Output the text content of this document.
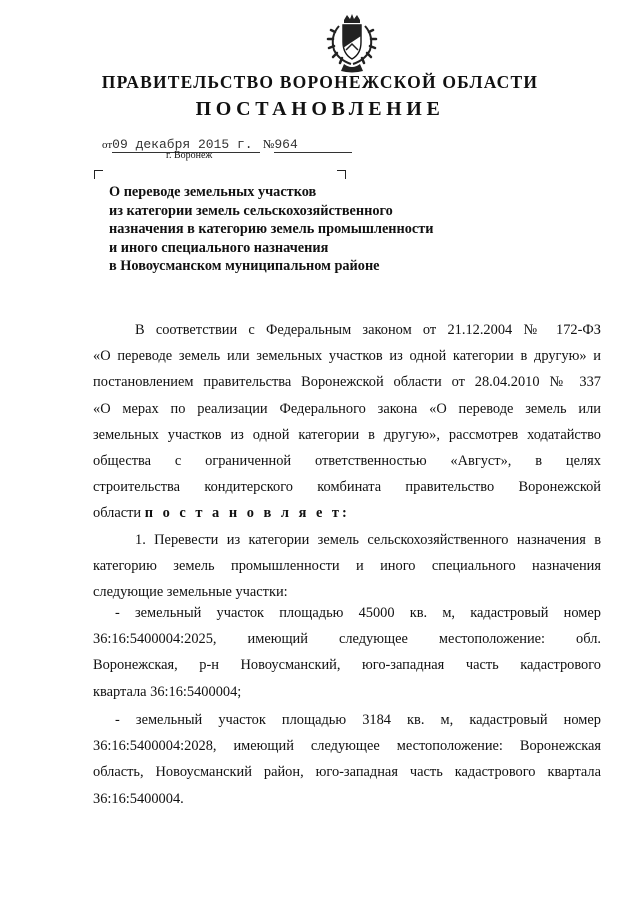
ПРАВИТЕЛЬСТВО ВОРОНЕЖСКОЙ ОБЛАСТИ
ПОСТАНОВЛЕНИЕ
от09 декабря 2015 г. №964
г. Воронеж
О переводе земельных участков
из категории земель сельскохозяйственного
назначения в категорию земель промышленности
и иного специального назначения
в Новоусманском муниципальном районе
В соответствии с Федеральным законом от 21.12.2004 № 172-ФЗ
«О переводе земель или земельных участков из одной категории в другую» и
постановлением правительства Воронежской области от 28.04.2010 № 337
«О мерах по реализации Федерального закона «О переводе земель или
земельных участков из одной категории в другую», рассмотрев ходатайство
общества с ограниченной ответственностью «Август», в целях
строительства кондитерского комбината правительство Воронежской
области п о с т а н о в л я е т:
1. Перевести из категории земель сельскохозяйственного назначения в
категорию земель промышленности и иного специального назначения
следующие земельные участки:
- земельный участок площадью 45000 кв. м, кадастровый номер
36:16:5400004:2025, имеющий следующее местоположение: обл.
Воронежская, р-н Новоусманский, юго-западная часть кадастрового
квартала 36:16:5400004;
- земельный участок площадью 3184 кв. м, кадастровый номер
36:16:5400004:2028, имеющий следующее местоположение: Воронежская
область, Новоусманский район, юго-западная часть кадастрового квартала
36:16:5400004.
